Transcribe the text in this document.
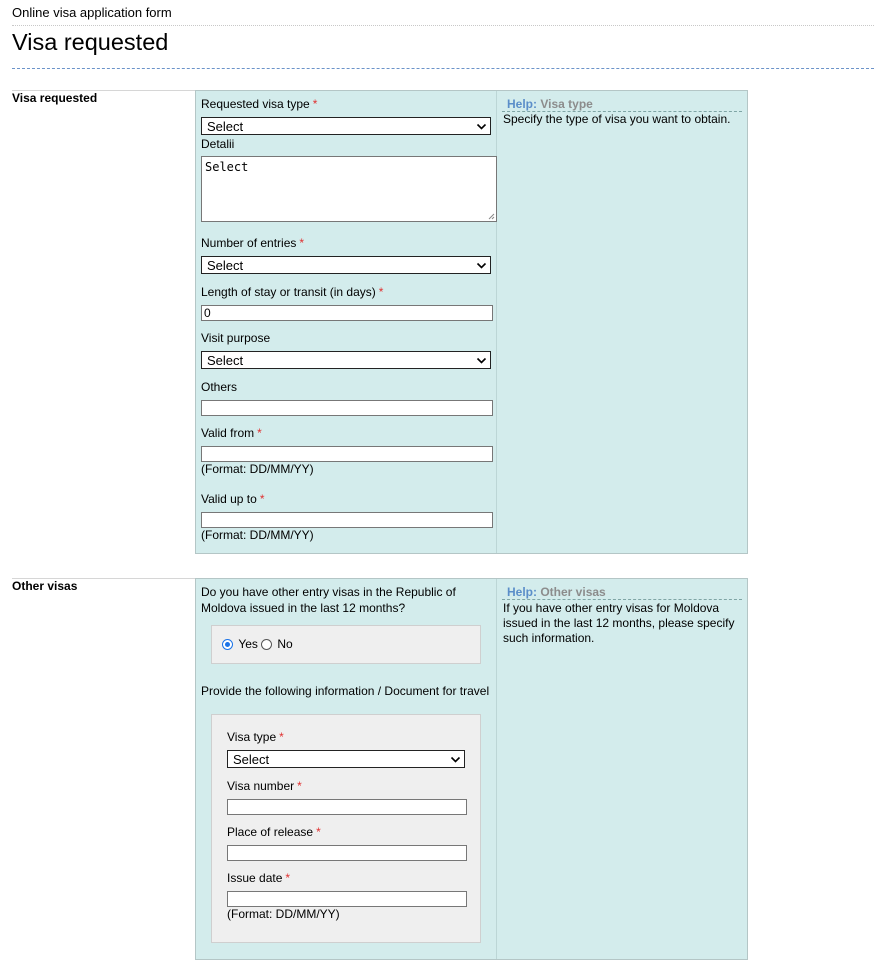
Online visa application form
Visa requested
Visa requested	Requested visa type *
Select
Detalii
Select
Number of entries *
Select
Length of stay or transit (in days) *
0
Visit purpose
Select
Others
Valid from *
(Format: DD/MM/YY)
Valid up to *
(Format: DD/MM/YY)
Help: Visa type
Specify the type of visa you want to obtain.
Other visas	Do you have other entry visas in the Republic of
Moldova issued in the last 12 months?
Yes	No
Provide the following information / Document for travel
Visa type *
Select
Visa number *
Place of release *
Issue date *
(Format: DD/MM/YY)
Help: Other visas
If you have other entry visas for Moldova
issued in the last 12 months, please specify
such information.
